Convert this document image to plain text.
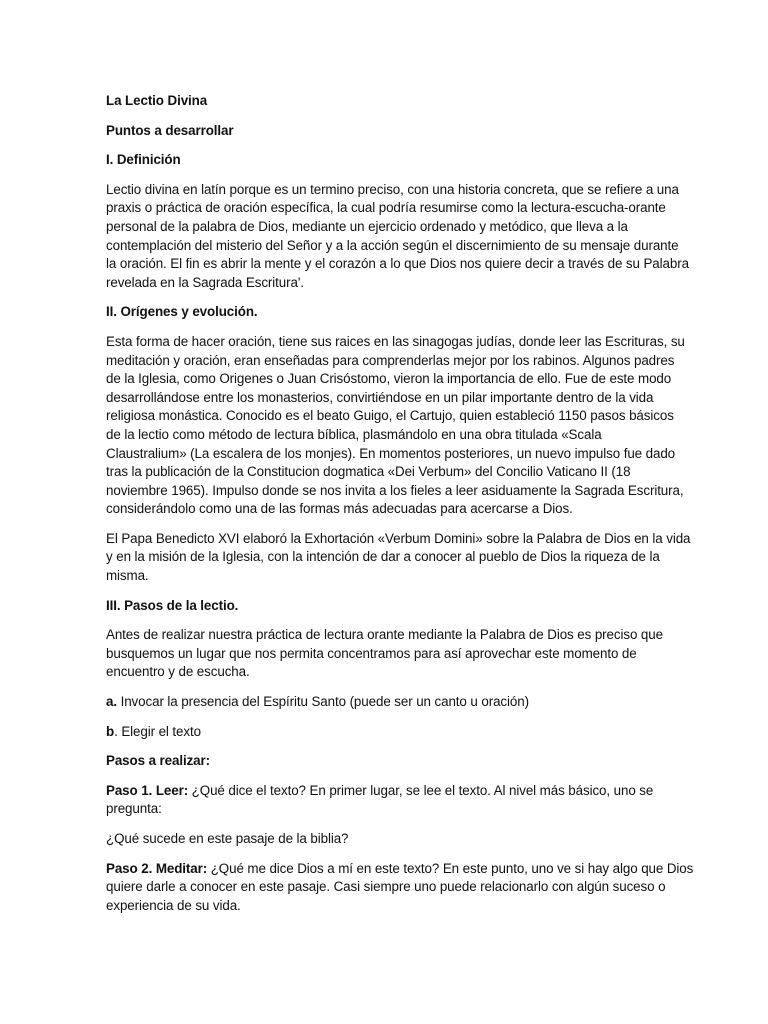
La Lectio Divina

Puntos a desarrollar

I. Definición

Lectio divina en latín porque es un termino preciso, con una historia concreta, que se refiere a una
praxis o práctica de oración específica, la cual podría resumirse como la lectura-escucha-orante
personal de la palabra de Dios, mediante un ejercicio ordenado y metódico, que lleva a la
contemplación del misterio del Señor y a la acción según el discernimiento de su mensaje durante
la oración. El fin es abrir la mente y el corazón a lo que Dios nos quiere decir a través de su Palabra
revelada en la Sagrada Escritura'.

II. Orígenes y evolución.

Esta forma de hacer oración, tiene sus raices en las sinagogas judías, donde leer las Escrituras, su
meditación y oración, eran enseñadas para comprenderlas mejor por los rabinos. Algunos padres
de la Iglesia, como Origenes o Juan Crisóstomo, vieron la importancia de ello. Fue de este modo
desarrollándose entre los monasterios, convirtiéndose en un pilar importante dentro de la vida
religiosa monástica. Conocido es el beato Guigo, el Cartujo, quien estableció 1150 pasos básicos
de la lectio como método de lectura bíblica, plasmándolo en una obra titulada «Scala
Claustralium» (La escalera de los monjes). En momentos posteriores, un nuevo impulso fue dado
tras la publicación de la Constitucion dogmatica «Dei Verbum» del Concilio Vaticano II (18
noviembre 1965). Impulso donde se nos invita a los fieles a leer asiduamente la Sagrada Escritura,
considerándolo como una de las formas más adecuadas para acercarse a Dios.

El Papa Benedicto XVI elaboró la Exhortación «Verbum Domini» sobre la Palabra de Dios en la vida
y en la misión de la Iglesia, con la intención de dar a conocer al pueblo de Dios la riqueza de la
misma.

III. Pasos de la lectio.

Antes de realizar nuestra práctica de lectura orante mediante la Palabra de Dios es preciso que
busquemos un lugar que nos permita concentramos para así aprovechar este momento de
encuentro y de escucha.

a. Invocar la presencia del Espíritu Santo (puede ser un canto u oración)

b. Elegir el texto

Pasos a realizar:

Paso 1. Leer: ¿Qué dice el texto? En primer lugar, se lee el texto. Al nivel más básico, uno se
pregunta:

¿Qué sucede en este pasaje de la biblia?

Paso 2. Meditar: ¿Qué me dice Dios a mí en este texto? En este punto, uno ve si hay algo que Dios
quiere darle a conocer en este pasaje. Casi siempre uno puede relacionarlo con algún suceso o
experiencia de su vida.
